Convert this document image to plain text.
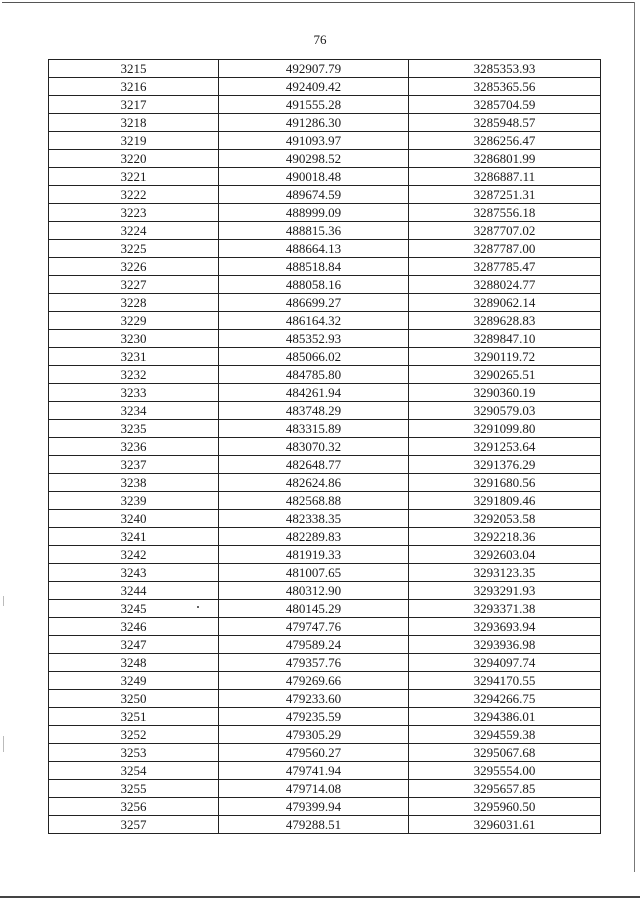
76
3215	492907.79	3285353.93
3216	492409.42	3285365.56
3217	491555.28	3285704.59
3218	491286.30	3285948.57
3219	491093.97	3286256.47
3220	490298.52	3286801.99
3221	490018.48	3286887.11
3222	489674.59	3287251.31
3223	488999.09	3287556.18
3224	488815.36	3287707.02
3225	488664.13	3287787.00
3226	488518.84	3287785.47
3227	488058.16	3288024.77
3228	486699.27	3289062.14
3229	486164.32	3289628.83
3230	485352.93	3289847.10
3231	485066.02	3290119.72
3232	484785.80	3290265.51
3233	484261.94	3290360.19
3234	483748.29	3290579.03
3235	483315.89	3291099.80
3236	483070.32	3291253.64
3237	482648.77	3291376.29
3238	482624.86	3291680.56
3239	482568.88	3291809.46
3240	482338.35	3292053.58
3241	482289.83	3292218.36
3242	481919.33	3292603.04
3243	481007.65	3293123.35
3244	480312.90	3293291.93
3245	480145.29	3293371.38
3246	479747.76	3293693.94
3247	479589.24	3293936.98
3248	479357.76	3294097.74
3249	479269.66	3294170.55
3250	479233.60	3294266.75
3251	479235.59	3294386.01
3252	479305.29	3294559.38
3253	479560.27	3295067.68
3254	479741.94	3295554.00
3255	479714.08	3295657.85
3256	479399.94	3295960.50
3257	479288.51	3296031.61
